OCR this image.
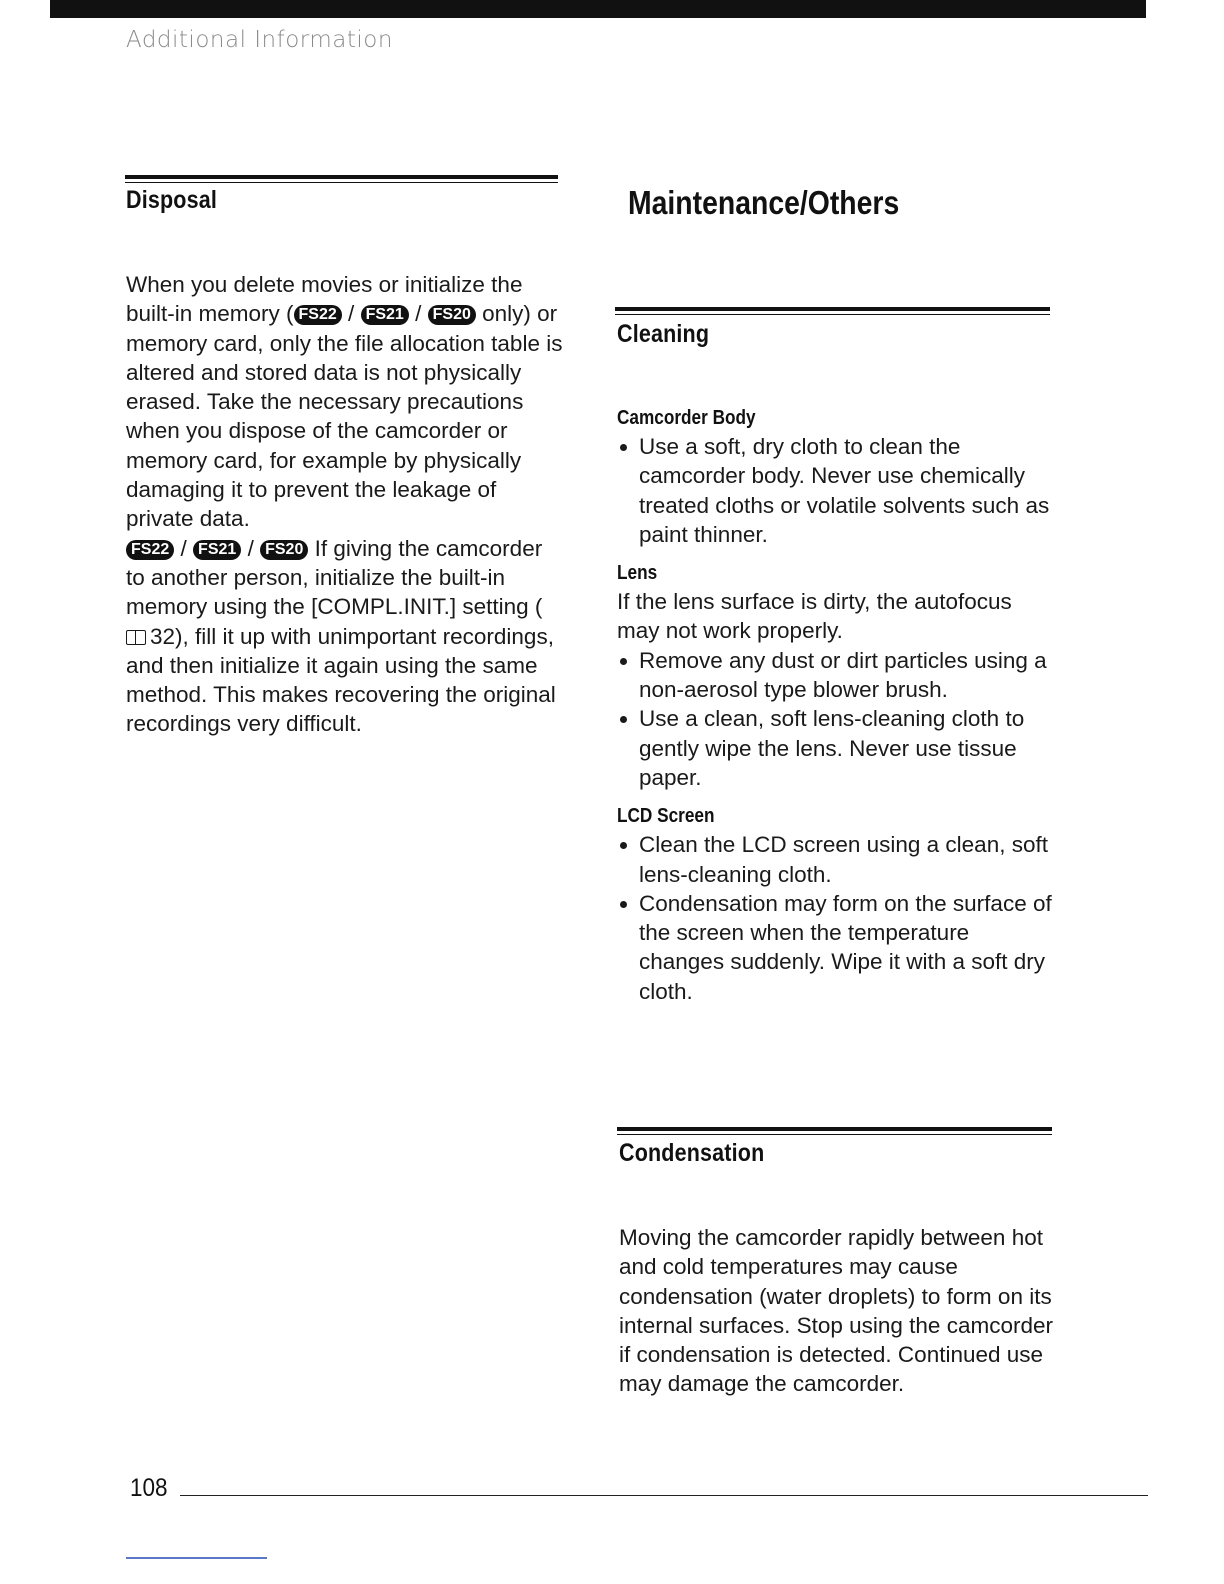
Additional Information
Disposal

When you delete movies or initialize the built-in memory ( FS22 / FS21 / FS20 only) or memory card, only the file allocation table is altered and stored data is not physically erased. Take the necessary precautions when you dispose of the camcorder or memory card, for example by physically damaging it to prevent the leakage of private data.

FS22 / FS21 / FS20 If giving the camcorder to another person, initialize the built-in memory using the [COMPL.INIT.] setting (32), fill it up with unimportant recordings, and then initialize it again using the same method. This makes recovering the original recordings very difficult.

Maintenance/Others
Cleaning
Camcorder Body
Use a soft, dry cloth to clean the camcorder body. Never use chemically treated cloths or volatile solvents such as paint thinner.
Lens

If the lens surface is dirty, the autofocus may not work properly.

Remove any dust or dirt particles using a non-aerosol type blower brush.
Use a clean, soft lens-cleaning cloth to gently wipe the lens. Never use tissue paper.
LCD Screen
Clean the LCD screen using a clean, soft lens-cleaning cloth.
Condensation may form on the surface of the screen when the temperature changes suddenly. Wipe it with a soft dry cloth.
Condensation

Moving the camcorder rapidly between hot and cold temperatures may cause condensation (water droplets) to form on its internal surfaces. Stop using the camcorder if condensation is detected. Continued use may damage the camcorder.

108
